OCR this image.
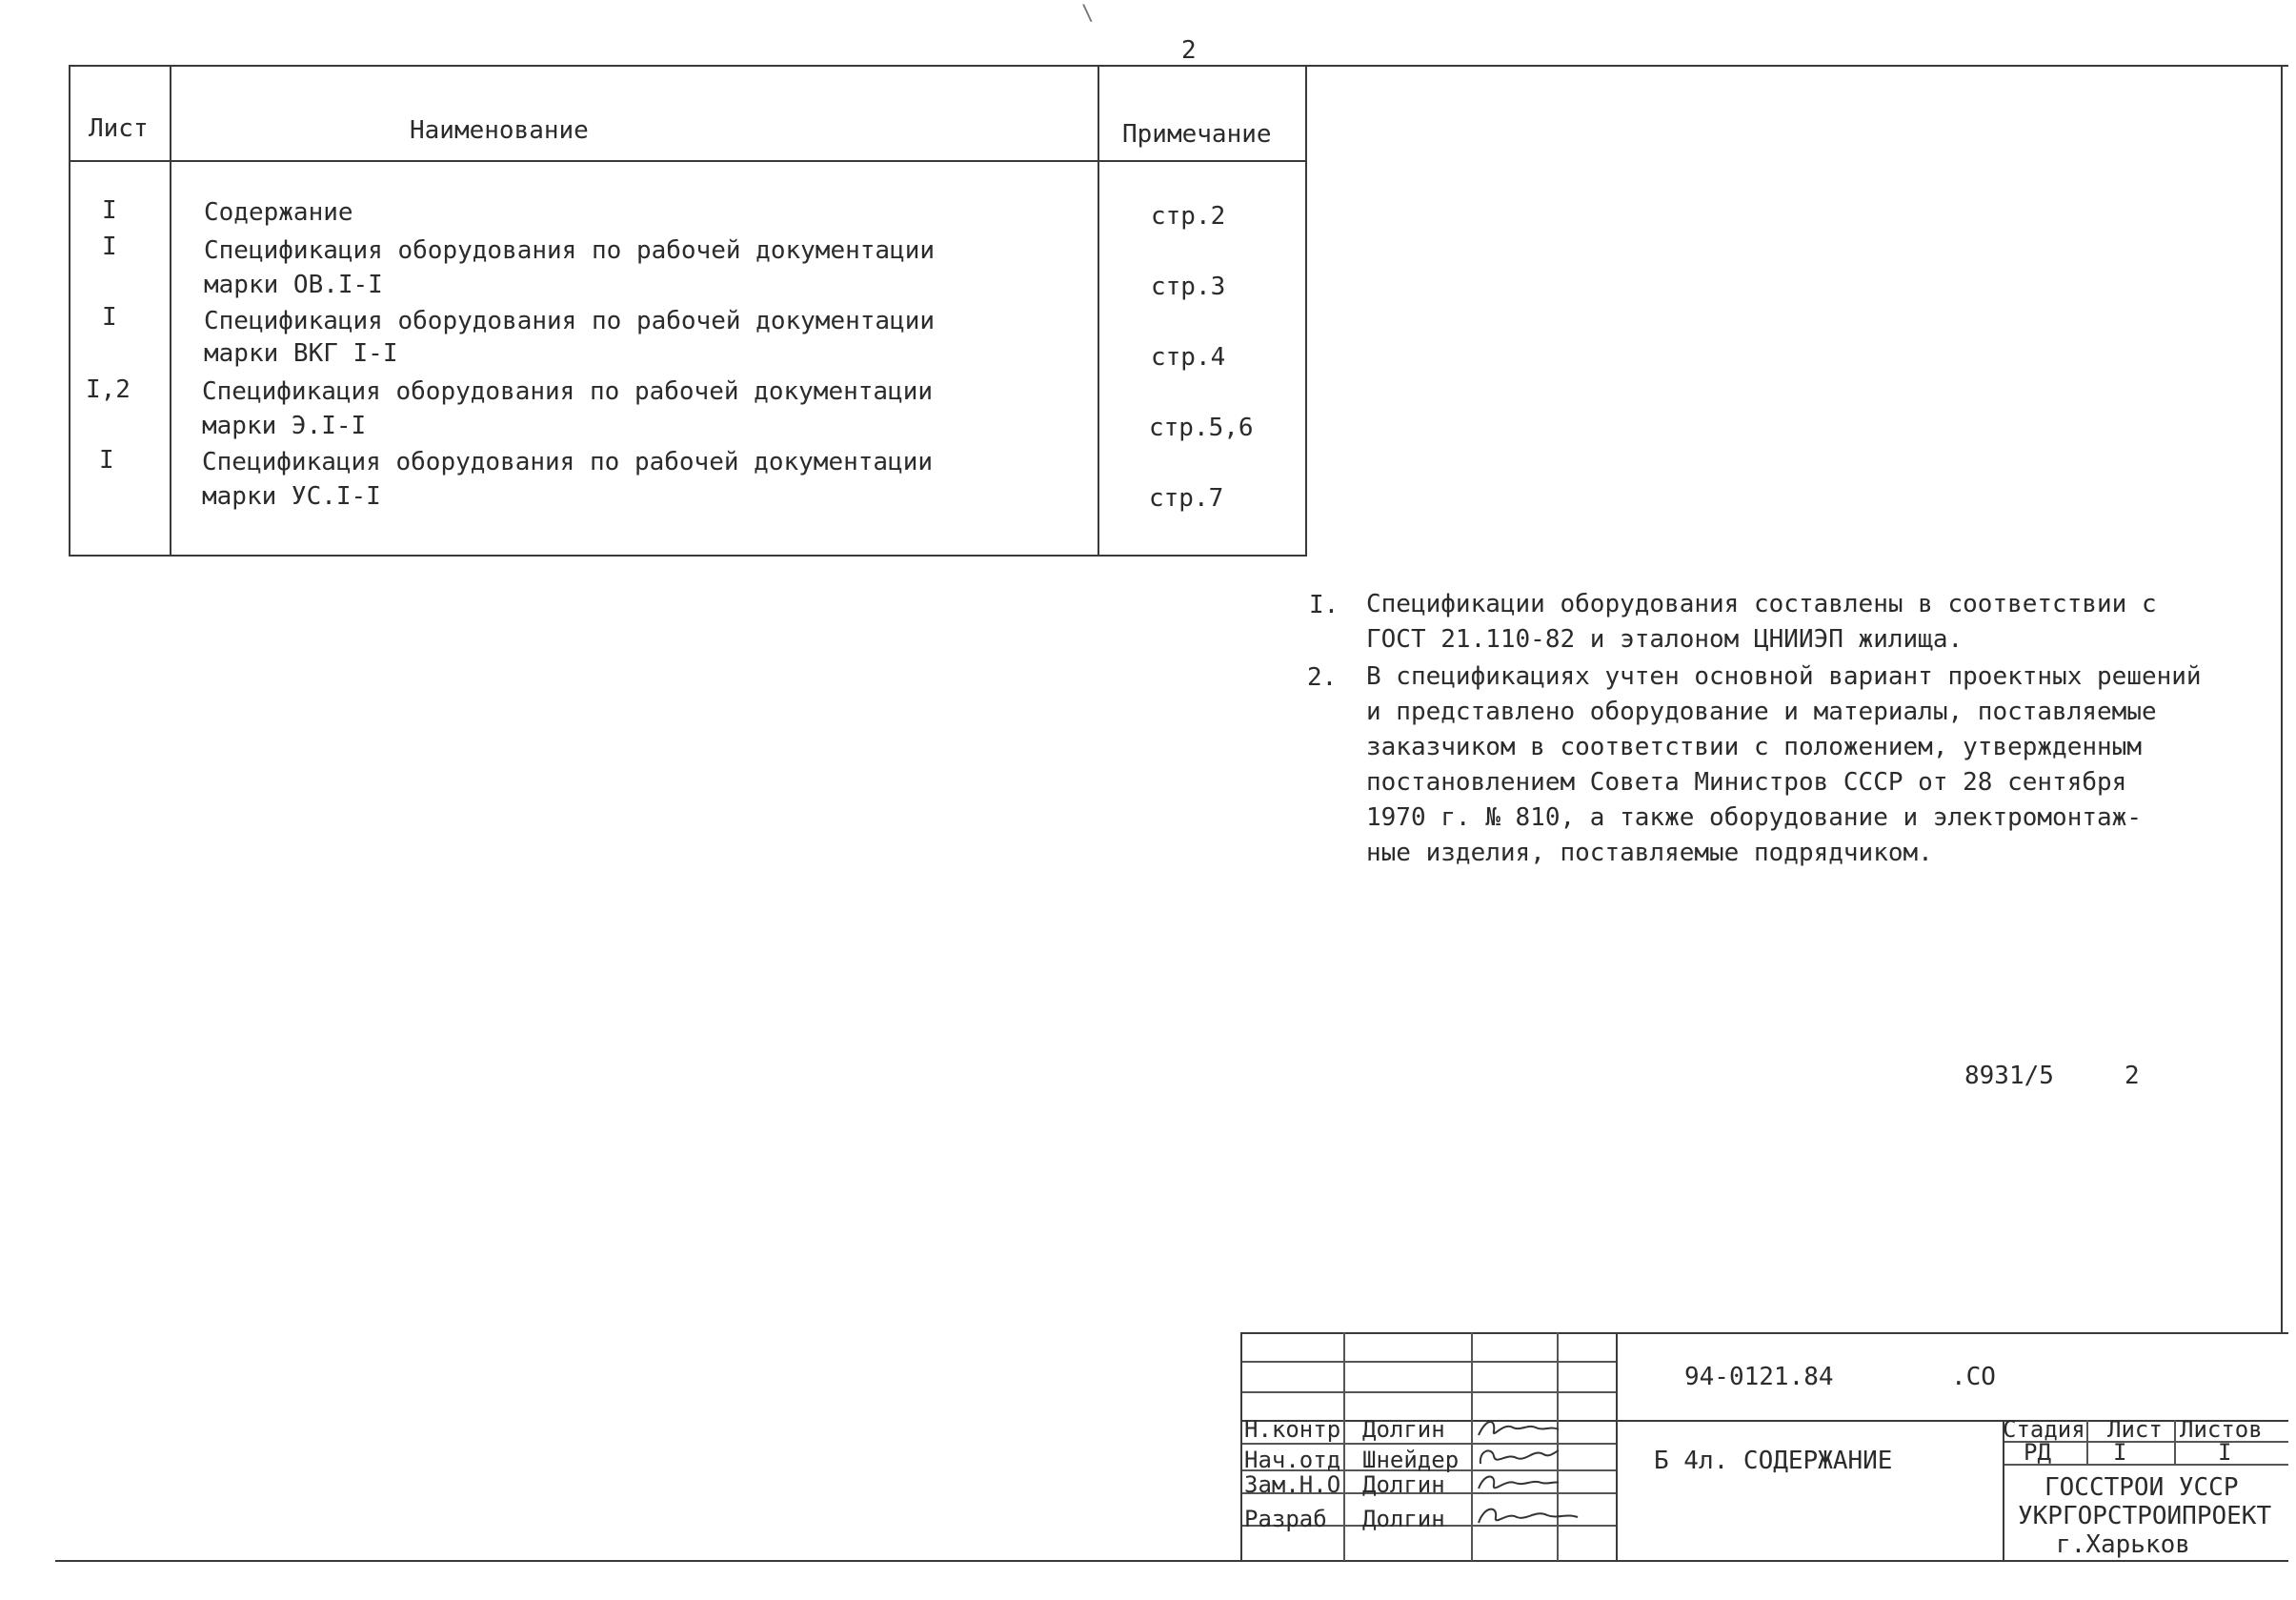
\
2
Лист	Наименование	Примечание
I	Содержание	стр.2
I	Спецификация оборудования по рабочей документации
марки ОВ.I-I	стр.3
I	Спецификация оборудования по рабочей документации
марки ВКГ I-I	стр.4
I,2	Спецификация оборудования по рабочей документации
марки Э.I-I	стр.5,6
I	Спецификация оборудования по рабочей документации
марки УС.I-I	стр.7
I. Спецификации оборудования составлены в соответствии с
ГОСТ 21.110-82 и эталоном ЦНИИЭП жилища.
2. В спецификациях учтен основной вариант проектных решений
и представлено оборудование и материалы, поставляемые
заказчиком в соответствии с положением, утвержденным
постановлением Совета Министров СССР от 28 сентября
1970 г. № 810, а также оборудование и электромонтаж-
ные изделия, поставляемые подрядчиком.
8931/5	2
94-0121.84	.CO
Б 4л. СОДЕРЖАНИЕ
Н.контр Долгин
Нач.отд Шнейдер
Зам.Н.О Долгин
Разраб Долгин
Стадия Лист Листов
РД	I	I
ГОССТРОИ УССР
УКРГОРСТРОИПРОЕКТ
г.Харьков
